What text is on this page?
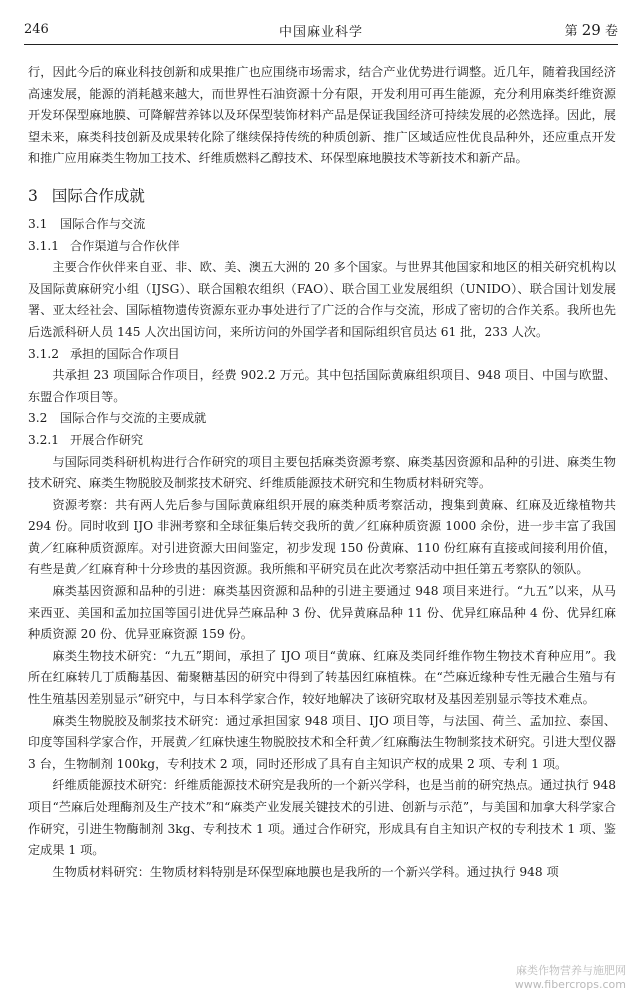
246	中国麻业科学	第 29 卷

行，因此今后的麻业科技创新和成果推广也应围绕市场需求，结合产业优势进行调整。近几年，随着我国经济高速发展，能源的消耗越来越大，而世界性石油资源十分有限，开发利用可再生能源，充分利用麻类纤维资源开发环保型麻地膜、可降解营养钵以及环保型装饰材料产品是保证我国经济可持续发展的必然选择。因此，展望未来，麻类科技创新及成果转化除了继续保持传统的种质创新、推广区域适应性优良品种外，还应重点开发和推广应用麻类生物加工技术、纤维质燃料乙醇技术、环保型麻地膜技术等新技术和新产品。

3 国际合作成就
3.1 国际合作与交流
3.1.1 合作渠道与合作伙伴

主要合作伙伴来自亚、非、欧、美、澳五大洲的 20 多个国家。与世界其他国家和地区的相关研究机构以及国际黄麻研究小组（IJSG）、联合国粮农组织（FAO）、联合国工业发展组织（UNIDO）、联合国计划发展署、亚太经社会、国际植物遗传资源东亚办事处进行了广泛的合作与交流，形成了密切的合作关系。我所也先后选派科研人员 145 人次出国访问，来所访问的外国学者和国际组织官员达 61 批，233 人次。

3.1.2 承担的国际合作项目

共承担 23 项国际合作项目，经费 902.2 万元。其中包括国际黄麻组织项目、948 项目、中国与欧盟、东盟合作项目等。

3.2 国际合作与交流的主要成就
3.2.1 开展合作研究

与国际同类科研机构进行合作研究的项目主要包括麻类资源考察、麻类基因资源和品种的引进、麻类生物技术研究、麻类生物脱胶及制浆技术研究、纤维质能源技术研究和生物质材料研究等。

资源考察：共有两人先后参与国际黄麻组织开展的麻类种质考察活动，搜集到黄麻、红麻及近缘植物共 294 份。同时收到 IJO 非洲考察和全球征集后转交我所的黄／红麻种质资源 1000 余份，进一步丰富了我国黄／红麻种质资源库。对引进资源大田间鉴定，初步发现 150 份黄麻、110 份红麻有直接或间接利用价值，有些是黄／红麻育种十分珍贵的基因资源。我所熊和平研究员在此次考察活动中担任第五考察队的领队。

麻类基因资源和品种的引进：麻类基因资源和品种的引进主要通过 948 项目来进行。“九五”以来，从马来西亚、美国和孟加拉国等国引进优异苎麻品种 3 份、优异黄麻品种 11 份、优异红麻品种 4 份、优异红麻种质资源 20 份、优异亚麻资源 159 份。

麻类生物技术研究：“九五”期间，承担了 IJO 项目“黄麻、红麻及类同纤维作物生物技术育种应用”。我所在红麻转几丁质酶基因、葡聚糖基因的研究中得到了转基因红麻植株。在“苎麻近缘种专性无融合生殖与有性生殖基因差别显示”研究中，与日本科学家合作，较好地解决了该研究取材及基因差别显示等技术难点。

麻类生物脱胶及制浆技术研究：通过承担国家 948 项目、IJO 项目等，与法国、荷兰、孟加拉、泰国、印度等国科学家合作，开展黄／红麻快速生物脱胶技术和全秆黄／红麻酶法生物制浆技术研究。引进大型仪器 3 台，生物制剂 100kg，专利技术 2 项，同时还形成了具有自主知识产权的成果 2 项、专利 1 项。

纤维质能源技术研究：纤维质能源技术研究是我所的一个新兴学科，也是当前的研究热点。通过执行 948 项目“苎麻后处理酶剂及生产技术”和“麻类产业发展关键技术的引进、创新与示范”，与美国和加拿大科学家合作研究，引进生物酶制剂 3kg、专利技术 1 项。通过合作研究，形成具有自主知识产权的专利技术 1 项、鉴定成果 1 项。

生物质材料研究：生物质材料特别是环保型麻地膜也是我所的一个新兴学科。通过执行 948 项

麻类作物营养与施肥网
www.fibercrops.com
